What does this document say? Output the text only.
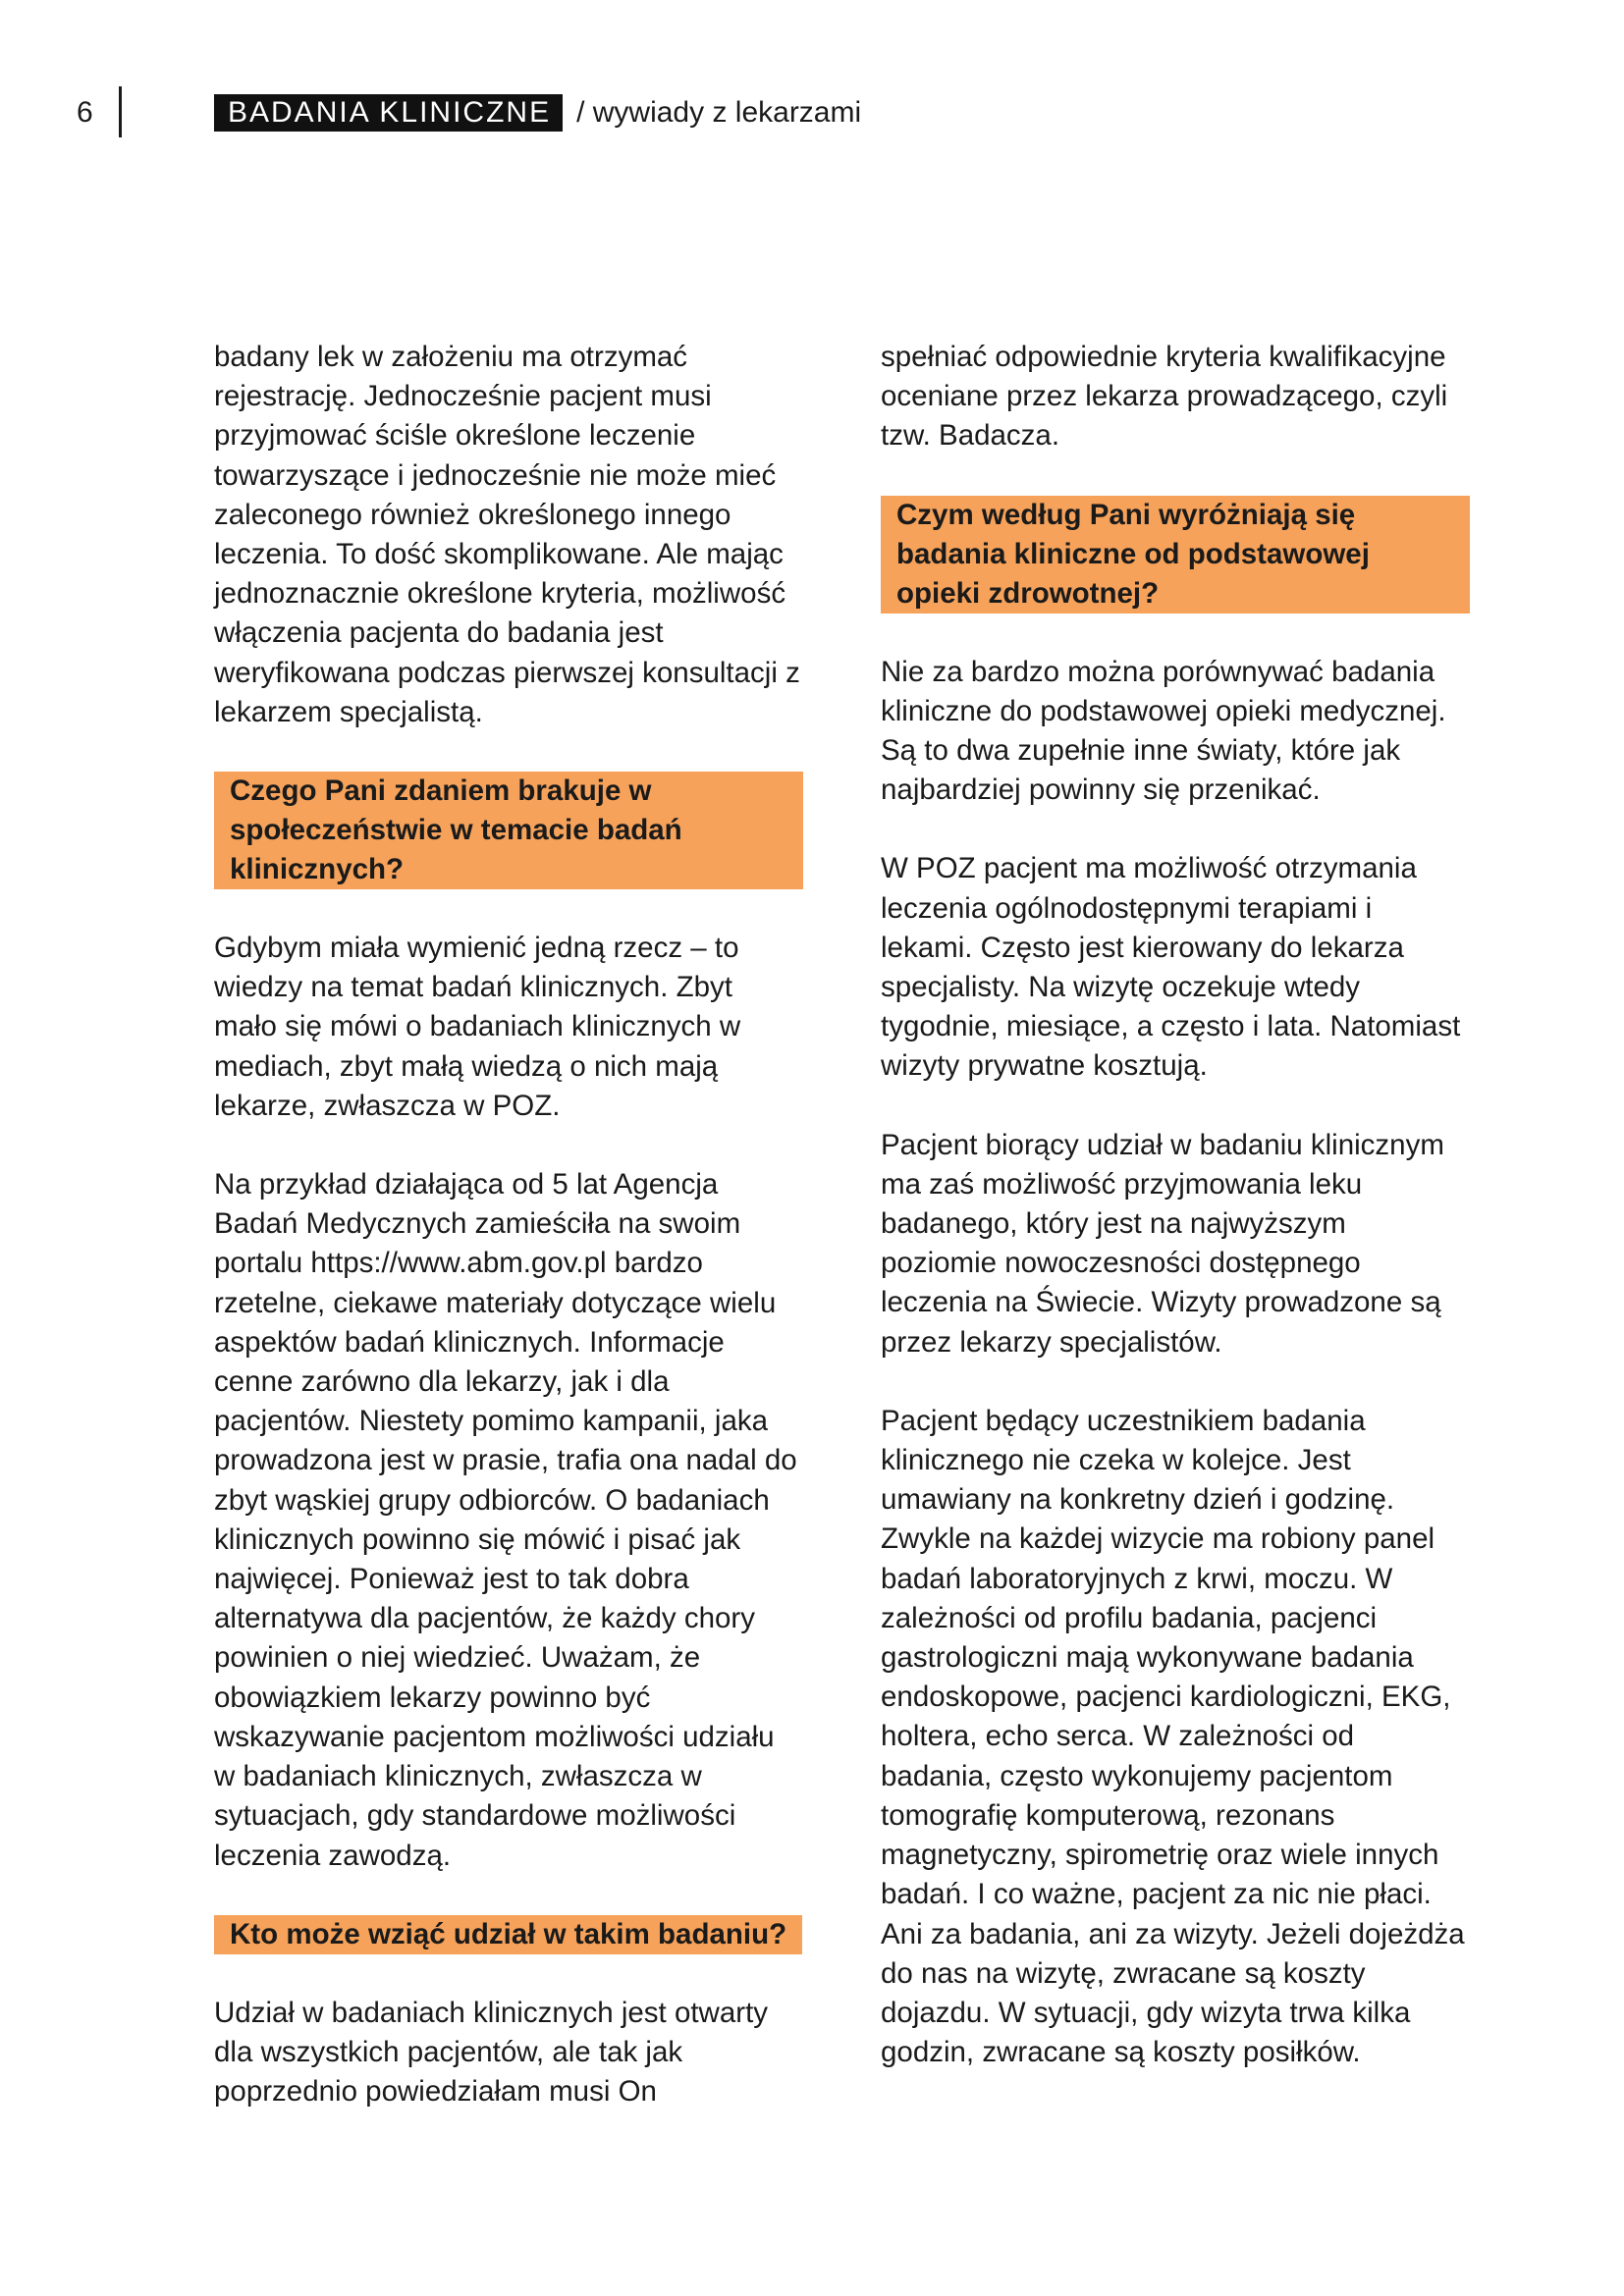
6	BADANIA KLINICZNE / wywiady z lekarzami

badany lek w założeniu ma otrzymać rejestrację. Jednocześnie pacjent musi przyjmować ściśle określone leczenie towarzyszące i jednocześnie nie może mieć zaleconego również określonego innego leczenia. To dość skomplikowane. Ale mając jednoznacznie określone kryteria, możliwość włączenia pacjenta do badania jest weryfikowana podczas pierwszej konsultacji z lekarzem specjalistą.

Czego Pani zdaniem brakuje w społeczeństwie w temacie badań klinicznych?

Gdybym miała wymienić jedną rzecz – to wiedzy na temat badań klinicznych. Zbyt mało się mówi o badaniach klinicznych w mediach, zbyt małą wiedzą o nich mają lekarze, zwłaszcza w POZ.

Na przykład działająca od 5 lat Agencja Badań Medycznych zamieściła na swoim portalu https://www.abm.gov.pl bardzo rzetelne, ciekawe materiały dotyczące wielu aspektów badań klinicznych. Informacje cenne zarówno dla lekarzy, jak i dla pacjentów. Niestety pomimo kampanii, jaka prowadzona jest w prasie, trafia ona nadal do zbyt wąskiej grupy odbiorców. O badaniach klinicznych powinno się mówić i pisać jak najwięcej. Ponieważ jest to tak dobra alternatywa dla pacjentów, że każdy chory powinien o niej wiedzieć. Uważam, że obowiązkiem lekarzy powinno być wskazywanie pacjentom możliwości udziału w badaniach klinicznych, zwłaszcza w sytuacjach, gdy standardowe możliwości leczenia zawodzą.

Kto może wziąć udział w takim badaniu?

Udział w badaniach klinicznych jest otwarty dla wszystkich pacjentów, ale tak jak poprzednio powiedziałam musi On

spełniać odpowiednie kryteria kwalifikacyjne oceniane przez lekarza prowadzącego, czyli tzw. Badacza.

Czym według Pani wyróżniają się badania kliniczne od podstawowej opieki zdrowotnej?

Nie za bardzo można porównywać badania kliniczne do podstawowej opieki medycznej. Są to dwa zupełnie inne światy, które jak najbardziej powinny się przenikać.

W POZ pacjent ma możliwość otrzymania leczenia ogólnodostępnymi terapiami i lekami. Często jest kierowany do lekarza specjalisty. Na wizytę oczekuje wtedy tygodnie, miesiące, a często i lata. Natomiast wizyty prywatne kosztują.

Pacjent biorący udział w badaniu klinicznym ma zaś możliwość przyjmowania leku badanego, który jest na najwyższym poziomie nowoczesności dostępnego leczenia na Świecie. Wizyty prowadzone są przez lekarzy specjalistów.

Pacjent będący uczestnikiem badania klinicznego nie czeka w kolejce. Jest umawiany na konkretny dzień i godzinę. Zwykle na każdej wizycie ma robiony panel badań laboratoryjnych z krwi, moczu. W zależności od profilu badania, pacjenci gastrologiczni mają wykonywane badania endoskopowe, pacjenci kardiologiczni, EKG, holtera, echo serca. W zależności od badania, często wykonujemy pacjentom tomografię komputerową, rezonans magnetyczny, spirometrię oraz wiele innych badań. I co ważne, pacjent za nic nie płaci. Ani za badania, ani za wizyty. Jeżeli dojeżdża do nas na wizytę, zwracane są koszty dojazdu. W sytuacji, gdy wizyta trwa kilka godzin, zwracane są koszty posiłków.
